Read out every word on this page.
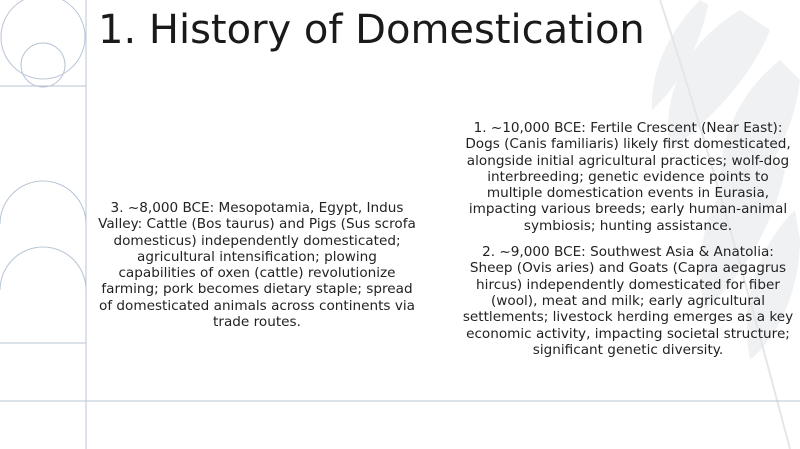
1. History of Domestication
3. ~8,000 BCE: Mesopotamia, Egypt, Indus Valley: Cattle (Bos taurus) and Pigs (Sus scrofa domesticus) independently domesticated; agricultural intensification; plowing capabilities of oxen (cattle) revolutionize farming; pork becomes dietary staple; spread of domesticated animals across continents via trade routes.

1. ~10,000 BCE: Fertile Crescent (Near East): Dogs (Canis familiaris) likely first domesticated, alongside initial agricultural practices; wolf-dog interbreeding; genetic evidence points to multiple domestication events in Eurasia, impacting various breeds; early human-animal symbiosis; hunting assistance.

2. ~9,000 BCE: Southwest Asia & Anatolia: Sheep (Ovis aries) and Goats (Capra aegagrus hircus) independently domesticated for fiber (wool), meat and milk; early agricultural settlements; livestock herding emerges as a key economic activity, impacting societal structure; significant genetic diversity.
